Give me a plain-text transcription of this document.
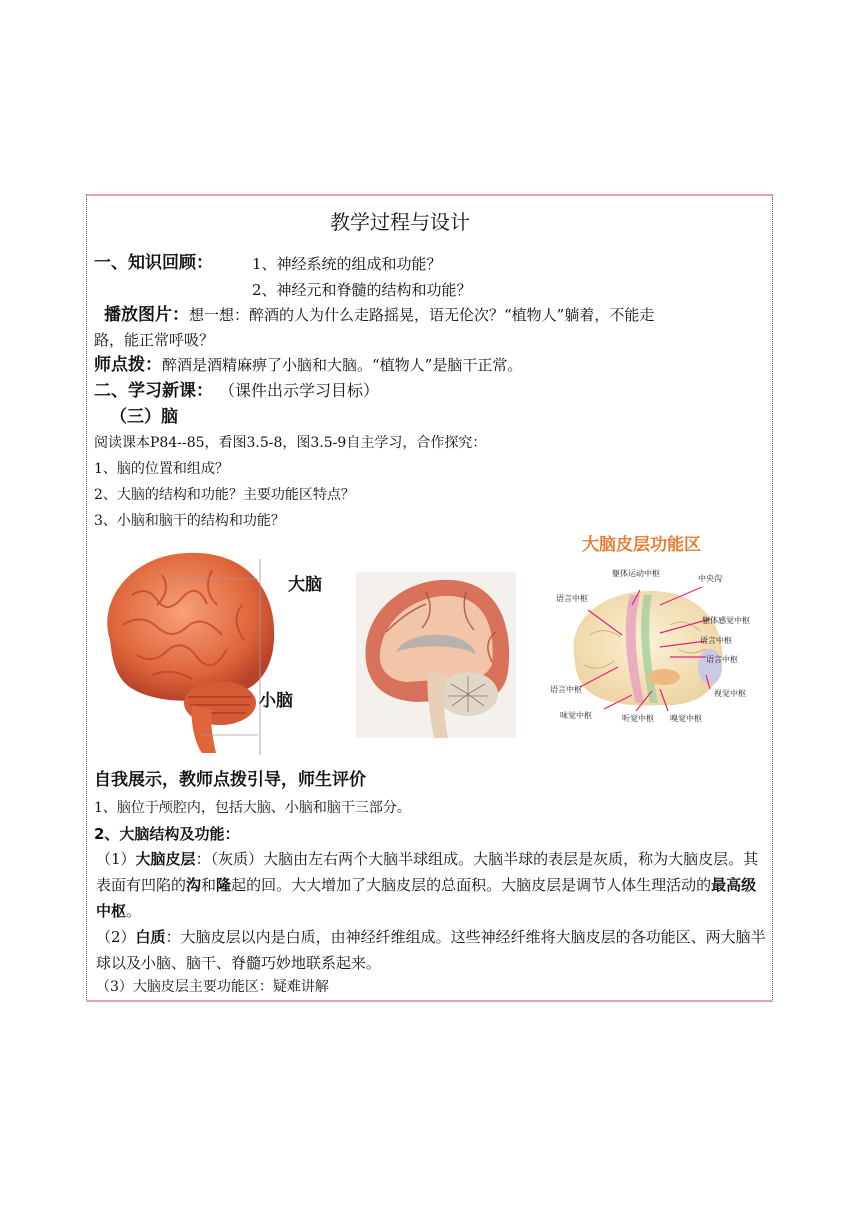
教学过程与设计
一、知识回顾：	1、神经系统的组成和功能？
2、神经元和脊髓的结构和功能？
播放图片：想一想：醉酒的人为什么走路摇晃，语无伦次？“植物人”躺着，不能走
路，能正常呼吸？
师点拨：醉酒是酒精麻痹了小脑和大脑。“植物人”是脑干正常。
二、学习新课： （课件出示学习目标）
（三）脑
阅读课本P84--85，看图3.5-8，图3.5-9自主学习，合作探究：
1、脑的位置和组成？
2、大脑的结构和功能？主要功能区特点？
3、小脑和脑干的结构和功能？
大脑
小脑
大脑皮层功能区
躯体运动中枢
中央沟
语言中枢
躯体感觉中枢
语言中枢
语言中枢
语言中枢	视觉中枢
味觉中枢	听觉中枢 嗅觉中枢
自我展示，教师点拨引导，师生评价
1、脑位于颅腔内，包括大脑、小脑和脑干三部分。
2、大脑结构及功能：
（1）大脑皮层：（灰质）大脑由左右两个大脑半球组成。大脑半球的表层是灰质，称为大脑皮层。其表面有凹陷的沟和隆起的回。大大增加了大脑皮层的总面积。大脑皮层是调节人体生理活动的最高级中枢。
（2）白质：大脑皮层以内是白质，由神经纤维组成。这些神经纤维将大脑皮层的各功能区、两大脑半球以及小脑、脑干、脊髓巧妙地联系起来。
（3）大脑皮层主要功能区：疑难讲解
